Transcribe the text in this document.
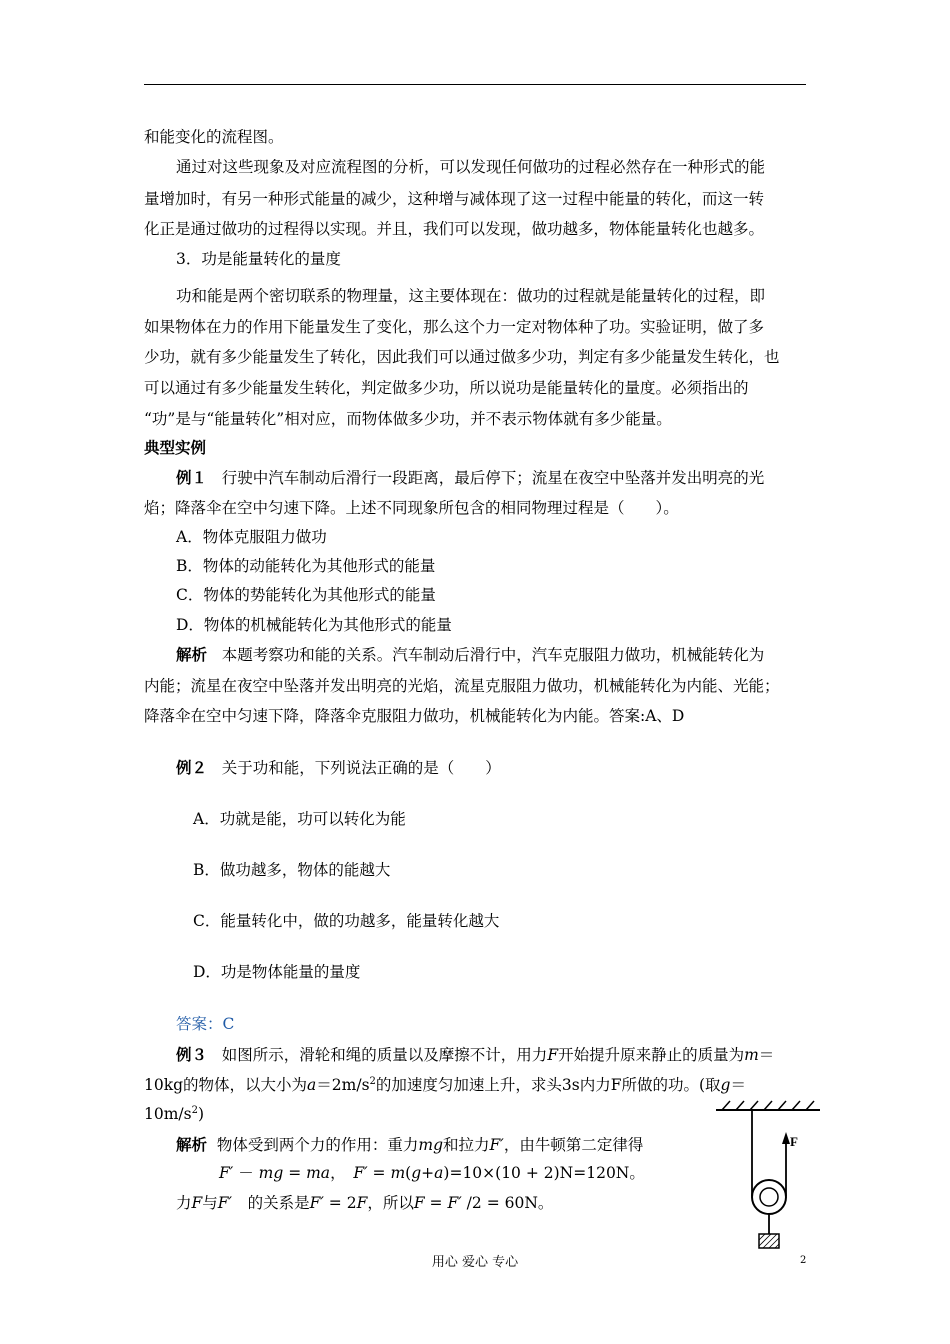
和能变化的流程图。
通过对这些现象及对应流程图的分析，可以发现任何做功的过程必然存在一种形式的能
量增加时，有另一种形式能量的减少，这种增与减体现了这一过程中能量的转化，而这一转
化正是通过做功的过程得以实现。并且，我们可以发现，做功越多，物体能量转化也越多。
3．功是能量转化的量度
功和能是两个密切联系的物理量，这主要体现在：做功的过程就是能量转化的过程，即
如果物体在力的作用下能量发生了变化，那么这个力一定对物体种了功。实验证明，做了多
少功，就有多少能量发生了转化，因此我们可以通过做多少功，判定有多少能量发生转化，也
可以通过有多少能量发生转化，判定做多少功，所以说功是能量转化的量度。必须指出的
“功”是与“能量转化”相对应，而物体做多少功，并不表示物体就有多少能量。
典型实例
例１ 行驶中汽车制动后滑行一段距离，最后停下；流星在夜空中坠落并发出明亮的光
焰；降落伞在空中匀速下降。上述不同现象所包含的相同物理过程是（　　）。
A．物体克服阻力做功
B．物体的动能转化为其他形式的能量
C．物体的势能转化为其他形式的能量
D．物体的机械能转化为其他形式的能量
解析 本题考察功和能的关系。汽车制动后滑行中，汽车克服阻力做功，机械能转化为
内能；流星在夜空中坠落并发出明亮的光焰，流星克服阻力做功，机械能转化为内能、光能；
降落伞在空中匀速下降，降落伞克服阻力做功，机械能转化为内能。答案:A、D
例２ 关于功和能，下列说法正确的是（　　）
A．功就是能，功可以转化为能
B．做功越多，物体的能越大
C．能量转化中，做的功越多，能量转化越大
D．功是物体能量的量度
答案：C
例３ 如图所示，滑轮和绳的质量以及摩擦不计，用力F开始提升原来静止的质量为m＝
10kg的物体，以大小为$a=2m/s^2$的加速度匀加速上升，求头3s内力F所做的功。(取g＝
$10m/s^2$)
解析 物体受到两个力的作用：重力mg和拉力F′，由牛顿第二定律得
F′ － mg = ma，　F′ = m(g+a)=10×(10 + 2)N=120N。
力F与F′　的关系是F′ = 2F，所以F = F′ /2 = 60N。
F
用心 爱心 专心	2
